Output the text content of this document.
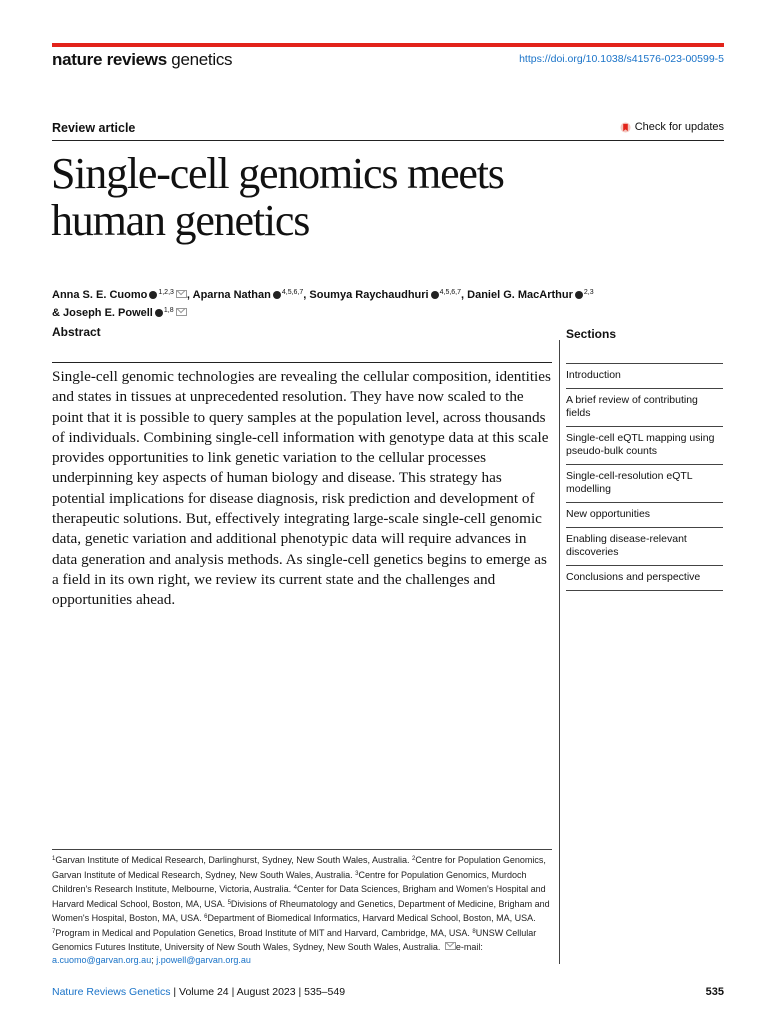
nature reviews genetics	https://doi.org/10.1038/s41576-023-00599-5
Review article	Check for updates
Single-cell genomics meets
human genetics
Anna S. E. Cuomo $^{1,2,3}$ , Aparna Nathan $^{4,5,6,7}$, Soumya Raychaudhuri $^{4,5,6,7}$, Daniel G. MacArthur $^{2,3}$
& Joseph E. Powell $^{1,8}$
Abstract

Single-cell genomic technologies are revealing the cellular composition, identities and states in tissues at unprecedented resolution. They have now scaled to the point that it is possible to query samples at the population level, across thousands of individuals. Combining single-cell information with genotype data at this scale provides opportunities to link genetic variation to the cellular processes underpinning key aspects of human biology and disease. This strategy has potential implications for disease diagnosis, risk prediction and development of therapeutic solutions. But, effectively integrating large-scale single-cell genomic data, genetic variation and additional phenotypic data will require advances in data generation and analysis methods. As single-cell genetics begins to emerge as a field in its own right, we review its current state and the challenges and opportunities ahead.

Sections
Introduction
A brief review of contributing fields
Single-cell eQTL mapping using pseudo-bulk counts
Single-cell-resolution eQTL modelling
New opportunities
Enabling disease-relevant discoveries
Conclusions and perspective

$^1$Garvan Institute of Medical Research, Darlinghurst, Sydney, New South Wales, Australia. $^2$Centre for Population Genomics, Garvan Institute of Medical Research, Sydney, New South Wales, Australia. $^3$Centre for Population Genomics, Murdoch Children's Research Institute, Melbourne, Victoria, Australia. $^4$Center for Data Sciences, Brigham and Women's Hospital and Harvard Medical School, Boston, MA, USA. $^5$Divisions of Rheumatology and Genetics, Department of Medicine, Brigham and Women's Hospital, Boston, MA, USA. $^6$Department of Biomedical Informatics, Harvard Medical School, Boston, MA, USA. $^7$Program in Medical and Population Genetics, Broad Institute of MIT and Harvard, Cambridge, MA, USA. $^8$UNSW Cellular Genomics Futures Institute, University of New South Wales, Sydney, New South Wales, Australia. e-mail: a.cuomo@garvan.org.au; j.powell@garvan.org.au

Nature Reviews Genetics | Volume 24 | August 2023 | 535–549	535
